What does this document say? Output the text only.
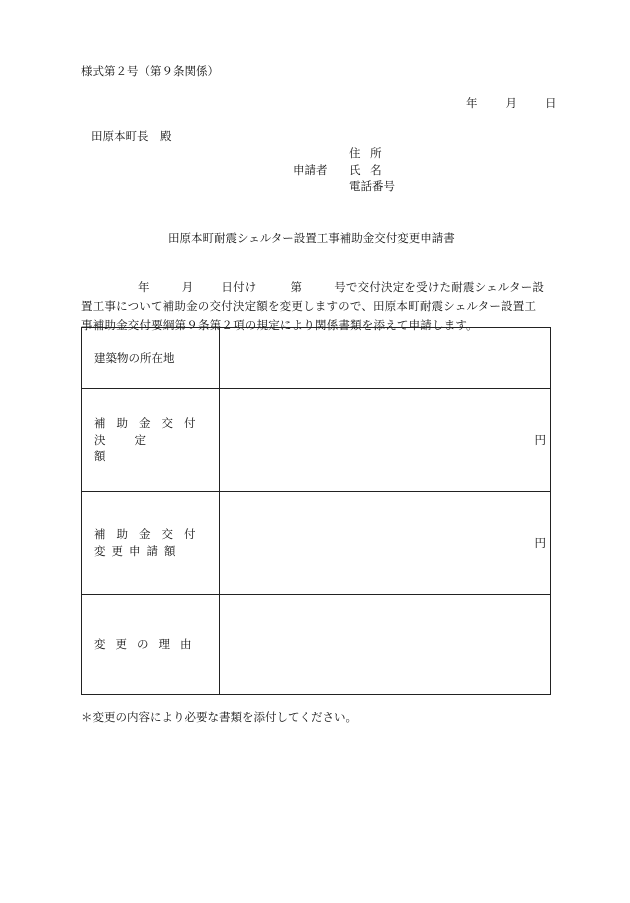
様式第２号（第９条関係）
年 月 日
田原本町長　殿
申請者
住 所
氏 名
電話番号
田原本町耐震シェルター設置工事補助金交付変更申請書
年	月 日付け	第	号で交付決定を受けた耐震シェルター設
置工事について補助金の交付決定額を変更しますので、田原本町耐震シェルター設置工
事補助金交付要綱第９条第２項の規定により関係書類を添えて申請します。
建築物の所在地	

補助金交付
決定額	円

補助金交付
変更申請額	円

変更の理由	

＊変更の内容により必要な書類を添付してください。
